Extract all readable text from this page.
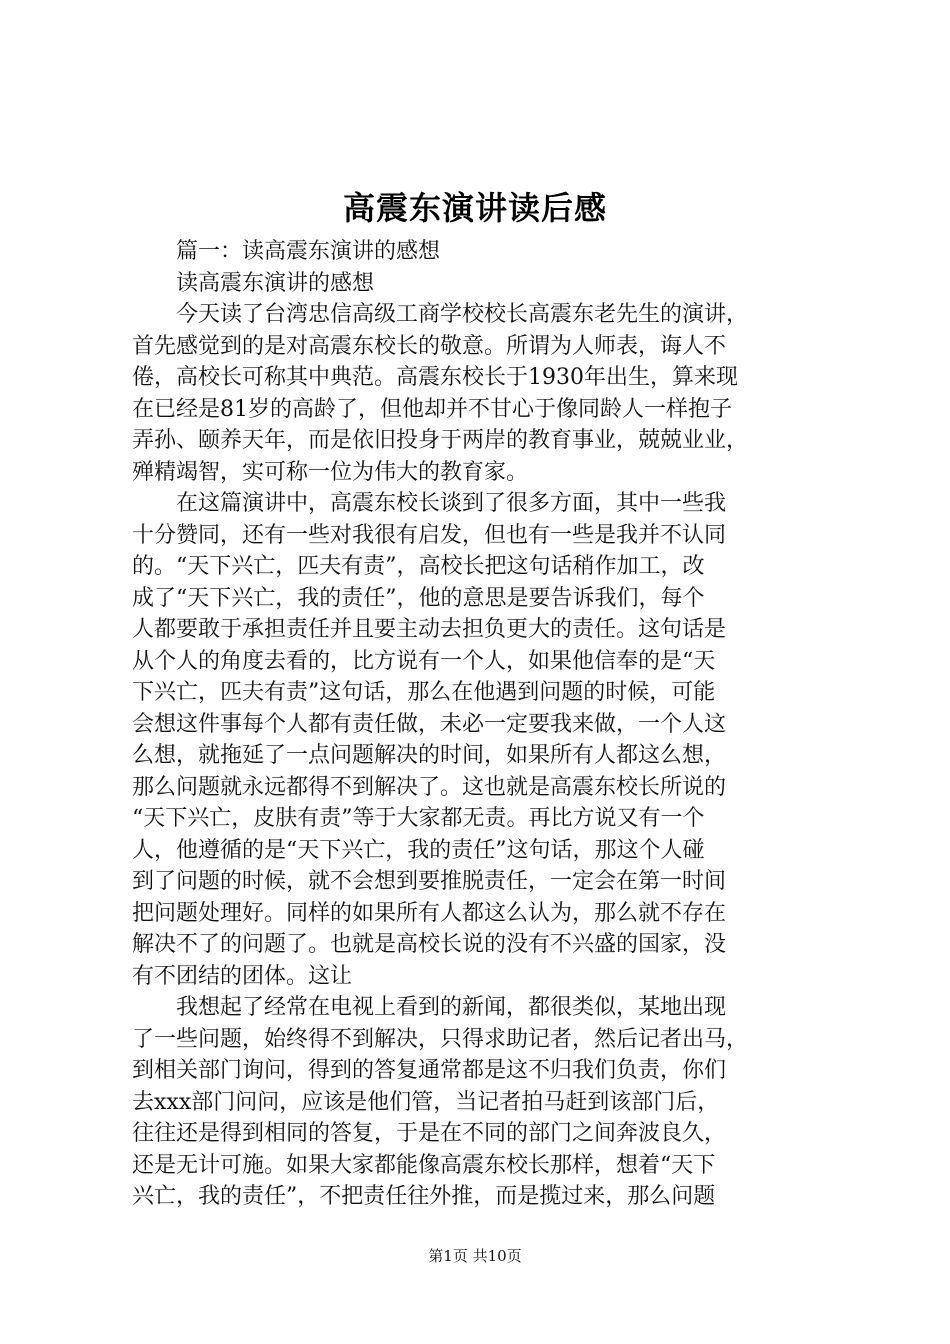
高震东演讲读后感
篇一：读高震东演讲的感想
读高震东演讲的感想
今天读了台湾忠信高级工商学校校长高震东老先生的演讲，
首先感觉到的是对高震东校长的敬意。所谓为人师表，诲人不
倦，高校长可称其中典范。高震东校长于1930年出生，算来现
在已经是81岁的高龄了，但他却并不甘心于像同龄人一样抱子
弄孙、颐养天年，而是依旧投身于两岸的教育事业，兢兢业业，
殚精竭智，实可称一位为伟大的教育家。
在这篇演讲中，高震东校长谈到了很多方面，其中一些我
十分赞同，还有一些对我很有启发，但也有一些是我并不认同
的。“天下兴亡，匹夫有责”，高校长把这句话稍作加工，改
成了“天下兴亡，我的责任”，他的意思是要告诉我们，每个
人都要敢于承担责任并且要主动去担负更大的责任。这句话是
从个人的角度去看的，比方说有一个人，如果他信奉的是“天
下兴亡，匹夫有责”这句话，那么在他遇到问题的时候，可能
会想这件事每个人都有责任做，未必一定要我来做，一个人这
么想，就拖延了一点问题解决的时间，如果所有人都这么想，
那么问题就永远都得不到解决了。这也就是高震东校长所说的
“天下兴亡，皮肤有责”等于大家都无责。再比方说又有一个
人，他遵循的是“天下兴亡，我的责任”这句话，那这个人碰
到了问题的时候，就不会想到要推脱责任，一定会在第一时间
把问题处理好。同样的如果所有人都这么认为，那么就不存在
解决不了的问题了。也就是高校长说的没有不兴盛的国家，没
有不团结的团体。这让
我想起了经常在电视上看到的新闻，都很类似，某地出现
了一些问题，始终得不到解决，只得求助记者，然后记者出马，
到相关部门询问，得到的答复通常都是这不归我们负责，你们
去xxx部门问问，应该是他们管，当记者拍马赶到该部门后，
往往还是得到相同的答复，于是在不同的部门之间奔波良久，
还是无计可施。如果大家都能像高震东校长那样，想着“天下
兴亡，我的责任”，不把责任往外推，而是揽过来，那么问题
第1页 共10页
